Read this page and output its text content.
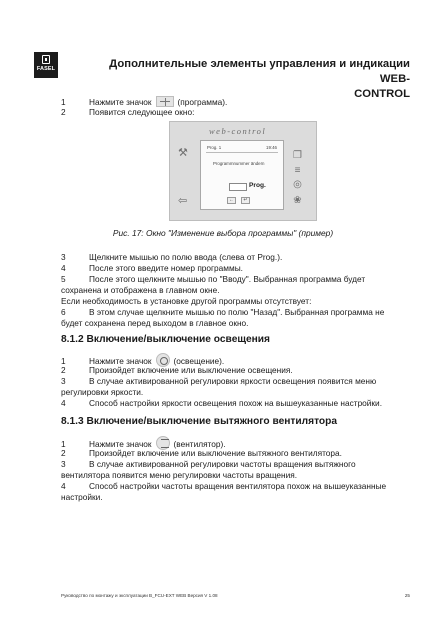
FASEL	Дополнительные элементы управления и индикации WEB-
CONTROL
1	Нажмите значок	(программа).
2	Появится следующее окно:
web-control
⚒
⇦
Prog. 1	19:46
Programmnummer ändern
Prog.
←	↵
❐
≡
◎
❀
Рис. 17: Окно "Изменение выбора программы" (пример)
3	Щелкните мышью по полю ввода (слева от Prog.).
4	После этого введите номер программы.
5	После этого щелкните мышью по "Вводу". Выбранная программа будет
сохранена и отображена в главном окне.
Если необходимость в установке другой программы отсутствует:
6	В этом случае щелкните мышью по полю "Назад". Выбранная программа не
будет сохранена перед выходом в главное окно.
8.1.2 Включение/выключение освещения
1	Нажмите значок	(освещение).
2	Произойдет включение или выключение освещения.
3	В случае активированной регулировки яркости освещения появится меню
регулировки яркости.
4	Способ настройки яркости освещения похож на вышеуказанные настройки.
8.1.3 Включение/выключение вытяжного вентилятора
1	Нажмите значок	(вентилятор).
2	Произойдет включение или выключение вытяжного вентилятора.
3	В случае активированной регулировки частоты вращения вытяжного
вентилятора появится меню регулировки частоты вращения.
4	Способ настройки частоты вращения вентилятора похож на вышеуказанные
настройки.
Руководство по монтажу и эксплуатации B_FCU-EXT WEB Версия V 1.08	25
